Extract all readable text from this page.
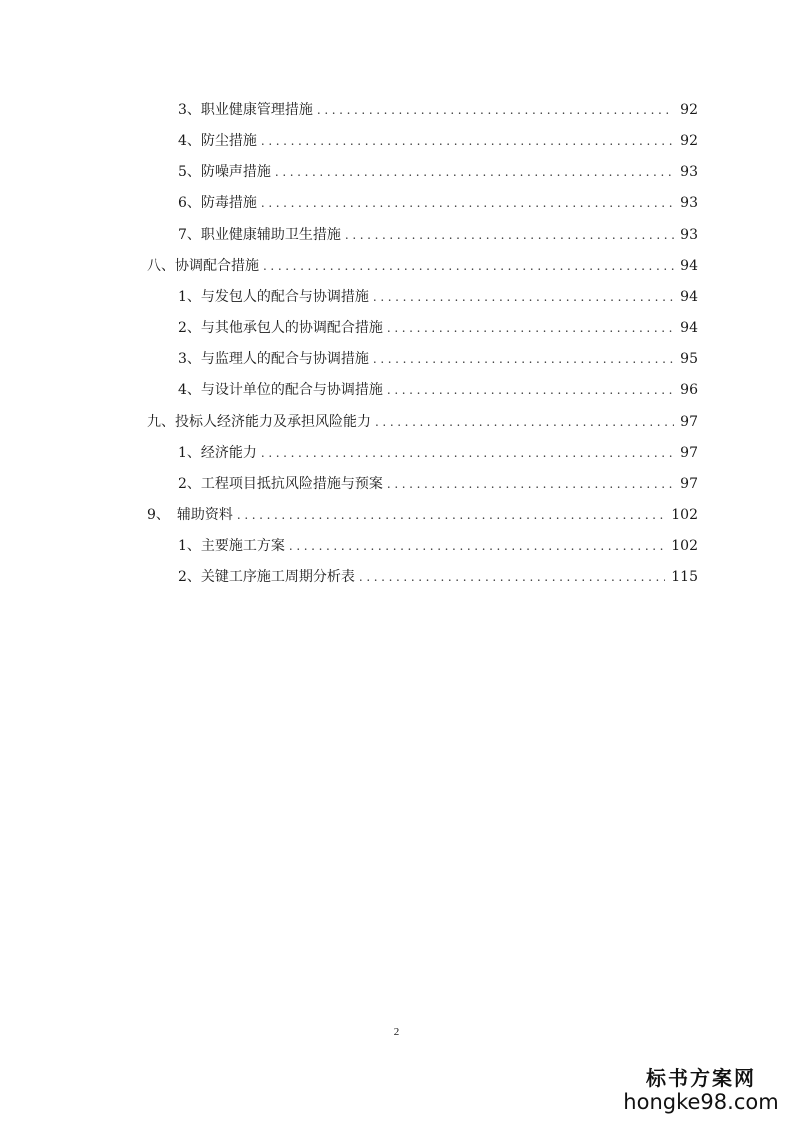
3、职业健康管理措施 .....	92
4、防尘措施 .....	92
5、防噪声措施 .....	93
6、防毒措施 .....	93
7、职业健康辅助卫生措施 .....	93
八、协调配合措施 .....	94
1、与发包人的配合与协调措施 .....	94
2、与其他承包人的协调配合措施 .....	94
3、与监理人的配合与协调措施 .....	95
4、与设计单位的配合与协调措施 .....	96
九、投标人经济能力及承担风险能力 .....	97
1、经济能力 .....	97
2、工程项目抵抗风险措施与预案 .....	97
9、　辅助资料 .....	102
1、主要施工方案 .....	102
2、关键工序施工周期分析表 .....	115
2
标书方案网
hongke98.com
